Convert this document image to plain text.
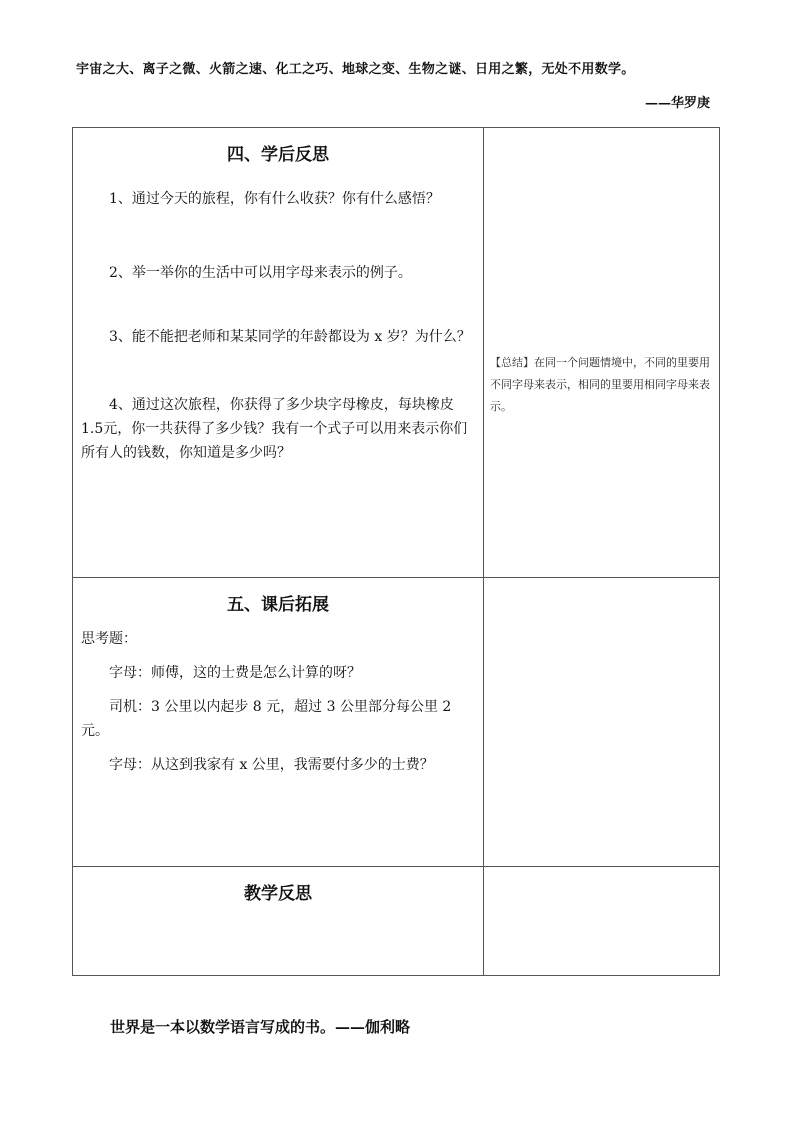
宇宙之大、离子之微、火箭之速、化工之巧、地球之变、生物之谜、日用之繁，无处不用数学。
——华罗庚
四、学后反思

1、通过今天的旅程，你有什么收获？你有什么感悟？

2、举一举你的生活中可以用字母来表示的例子。

3、能不能把老师和某某同学的年龄都设为 x 岁？为什么？

4、通过这次旅程，你获得了多少块字母橡皮，每块橡皮 1.5元，你一共获得了多少钱？我有一个式子可以用来表示你们所有人的钱数，你知道是多少吗？	【总结】在同一个问题情境中，不同的里要用不同字母来表示，相同的里要用相同字母来表示。

五、课后拓展

思考题：

字母：师傅，这的士费是怎么计算的呀？

司机：3 公里以内起步 8 元，超过 3 公里部分每公里 2元。

字母：从这到我家有 x 公里，我需要付多少的士费？	

教学反思	

世界是一本以数学语言写成的书。——伽利略
